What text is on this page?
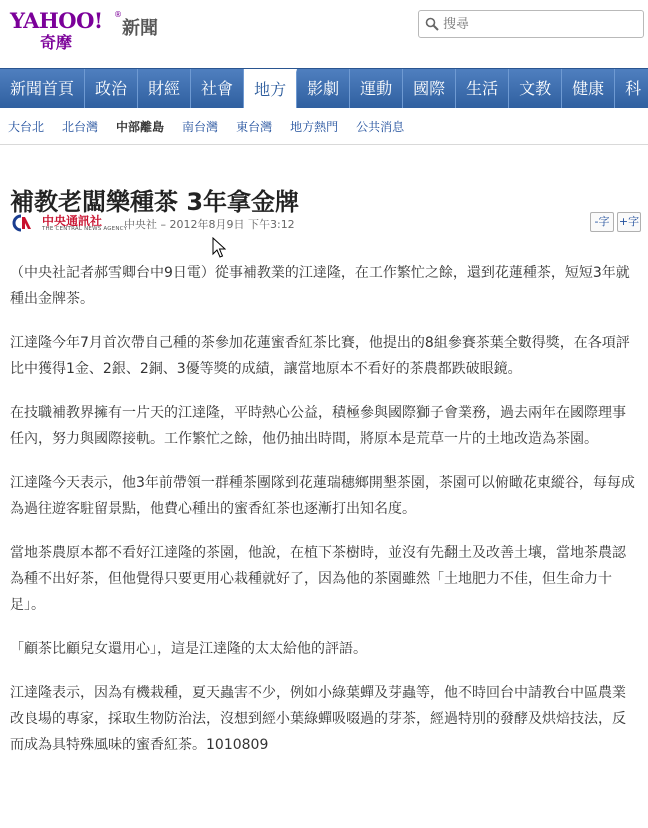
YAHOO! ®
奇摩
新聞
搜尋
新聞首頁	政治	財經	社會	地方	影劇	運動	國際	生活	文教	健康	科
大台北 北台灣 中部離島 南台灣 東台灣 地方熱門 公共消息
補教老闆樂種茶 3年拿金牌
中央通訊社
THE CENTRAL NEWS AGENCY
中央社 – 2012年8月9日 下午3:12	-字 +字

（中央社記者郝雪卿台中9日電）從事補教業的江達隆，在工作繁忙之餘，還到花蓮種茶，短短3年就種出金牌茶。

江達隆今年7月首次帶自己種的茶參加花蓮蜜香紅茶比賽，他提出的8組參賽茶葉全數得獎，在各項評比中獲得1金、2銀、2銅、3優等獎的成績，讓當地原本不看好的茶農都跌破眼鏡。

在技職補教界擁有一片天的江達隆，平時熱心公益，積極參與國際獅子會業務，過去兩年在國際理事任內，努力與國際接軌。工作繁忙之餘，他仍抽出時間，將原本是荒草一片的土地改造為茶園。

江達隆今天表示，他3年前帶領一群種茶團隊到花蓮瑞穗鄉開墾茶園，茶園可以俯瞰花東縱谷，每每成為過往遊客駐留景點，他費心種出的蜜香紅茶也逐漸打出知名度。

當地茶農原本都不看好江達隆的茶園，他說，在植下茶樹時，並沒有先翻土及改善土壤，當地茶農認為種不出好茶，但他覺得只要更用心栽種就好了，因為他的茶園雖然「土地肥力不佳，但生命力十足」。

「顧茶比顧兒女還用心」，這是江達隆的太太給他的評語。

江達隆表示，因為有機栽種，夏天蟲害不少，例如小綠葉蟬及芽蟲等，他不時回台中請教台中區農業改良場的專家，採取生物防治法，沒想到經小葉綠蟬吸啜過的芽茶，經過特別的發酵及烘焙技法，反而成為具特殊風味的蜜香紅茶。1010809
